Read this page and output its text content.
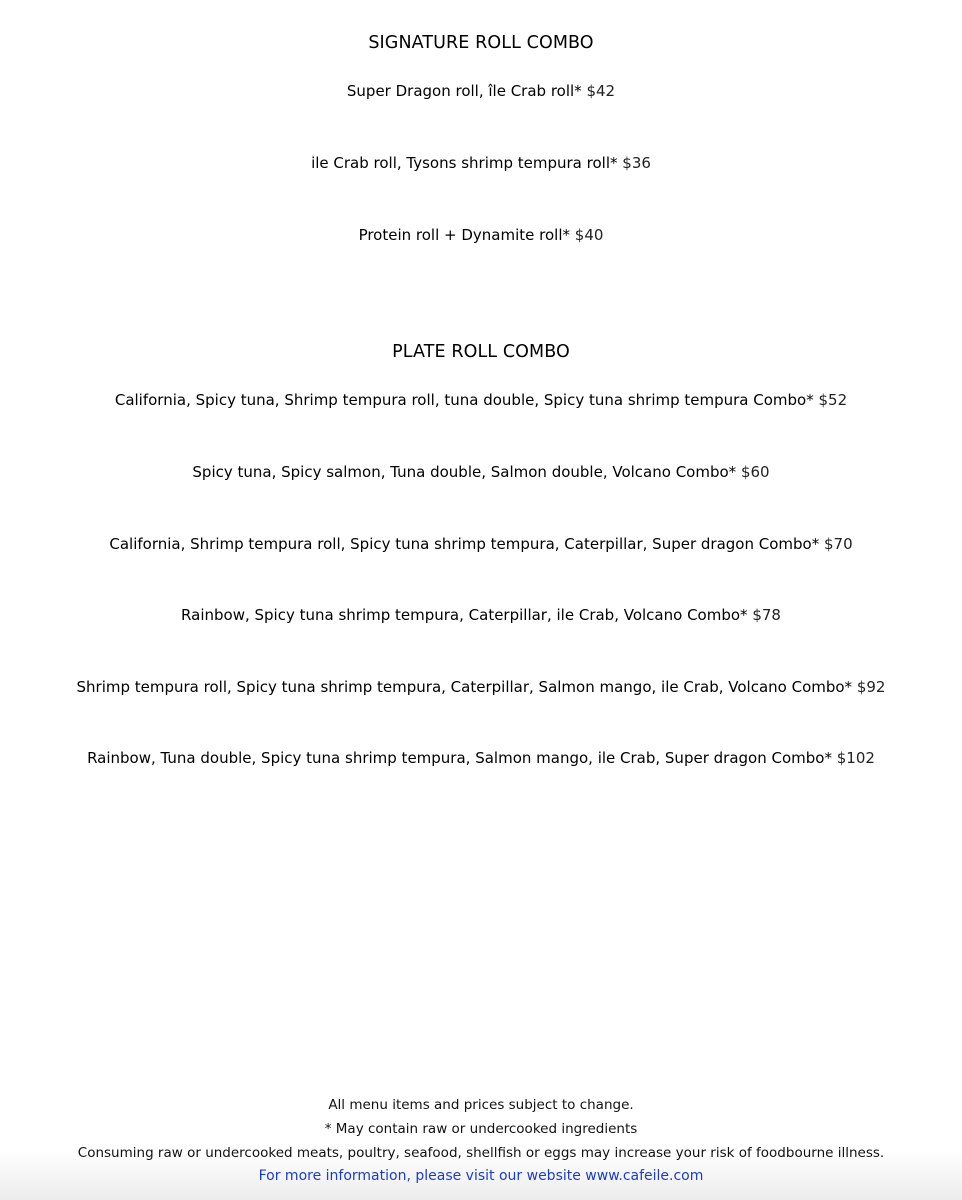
SIGNATURE ROLL COMBO
Super Dragon roll, île Crab roll* $42
ile Crab roll, Tysons shrimp tempura roll* $36
Protein roll + Dynamite roll* $40
PLATE ROLL COMBO
California, Spicy tuna, Shrimp tempura roll, tuna double, Spicy tuna shrimp tempura Combo* $52
Spicy tuna, Spicy salmon, Tuna double, Salmon double, Volcano Combo* $60
California, Shrimp tempura roll, Spicy tuna shrimp tempura, Caterpillar, Super dragon Combo* $70
Rainbow, Spicy tuna shrimp tempura, Caterpillar, ile Crab, Volcano Combo* $78
Shrimp tempura roll, Spicy tuna shrimp tempura, Caterpillar, Salmon mango, ile Crab, Volcano Combo* $92
Rainbow, Tuna double, Spicy tuna shrimp tempura, Salmon mango, ile Crab, Super dragon Combo* $102
All menu items and prices subject to change.
* May contain raw or undercooked ingredients
Consuming raw or undercooked meats, poultry, seafood, shellfish or eggs may increase your risk of foodbourne illness.
For more information, please visit our website www.cafeile.com
